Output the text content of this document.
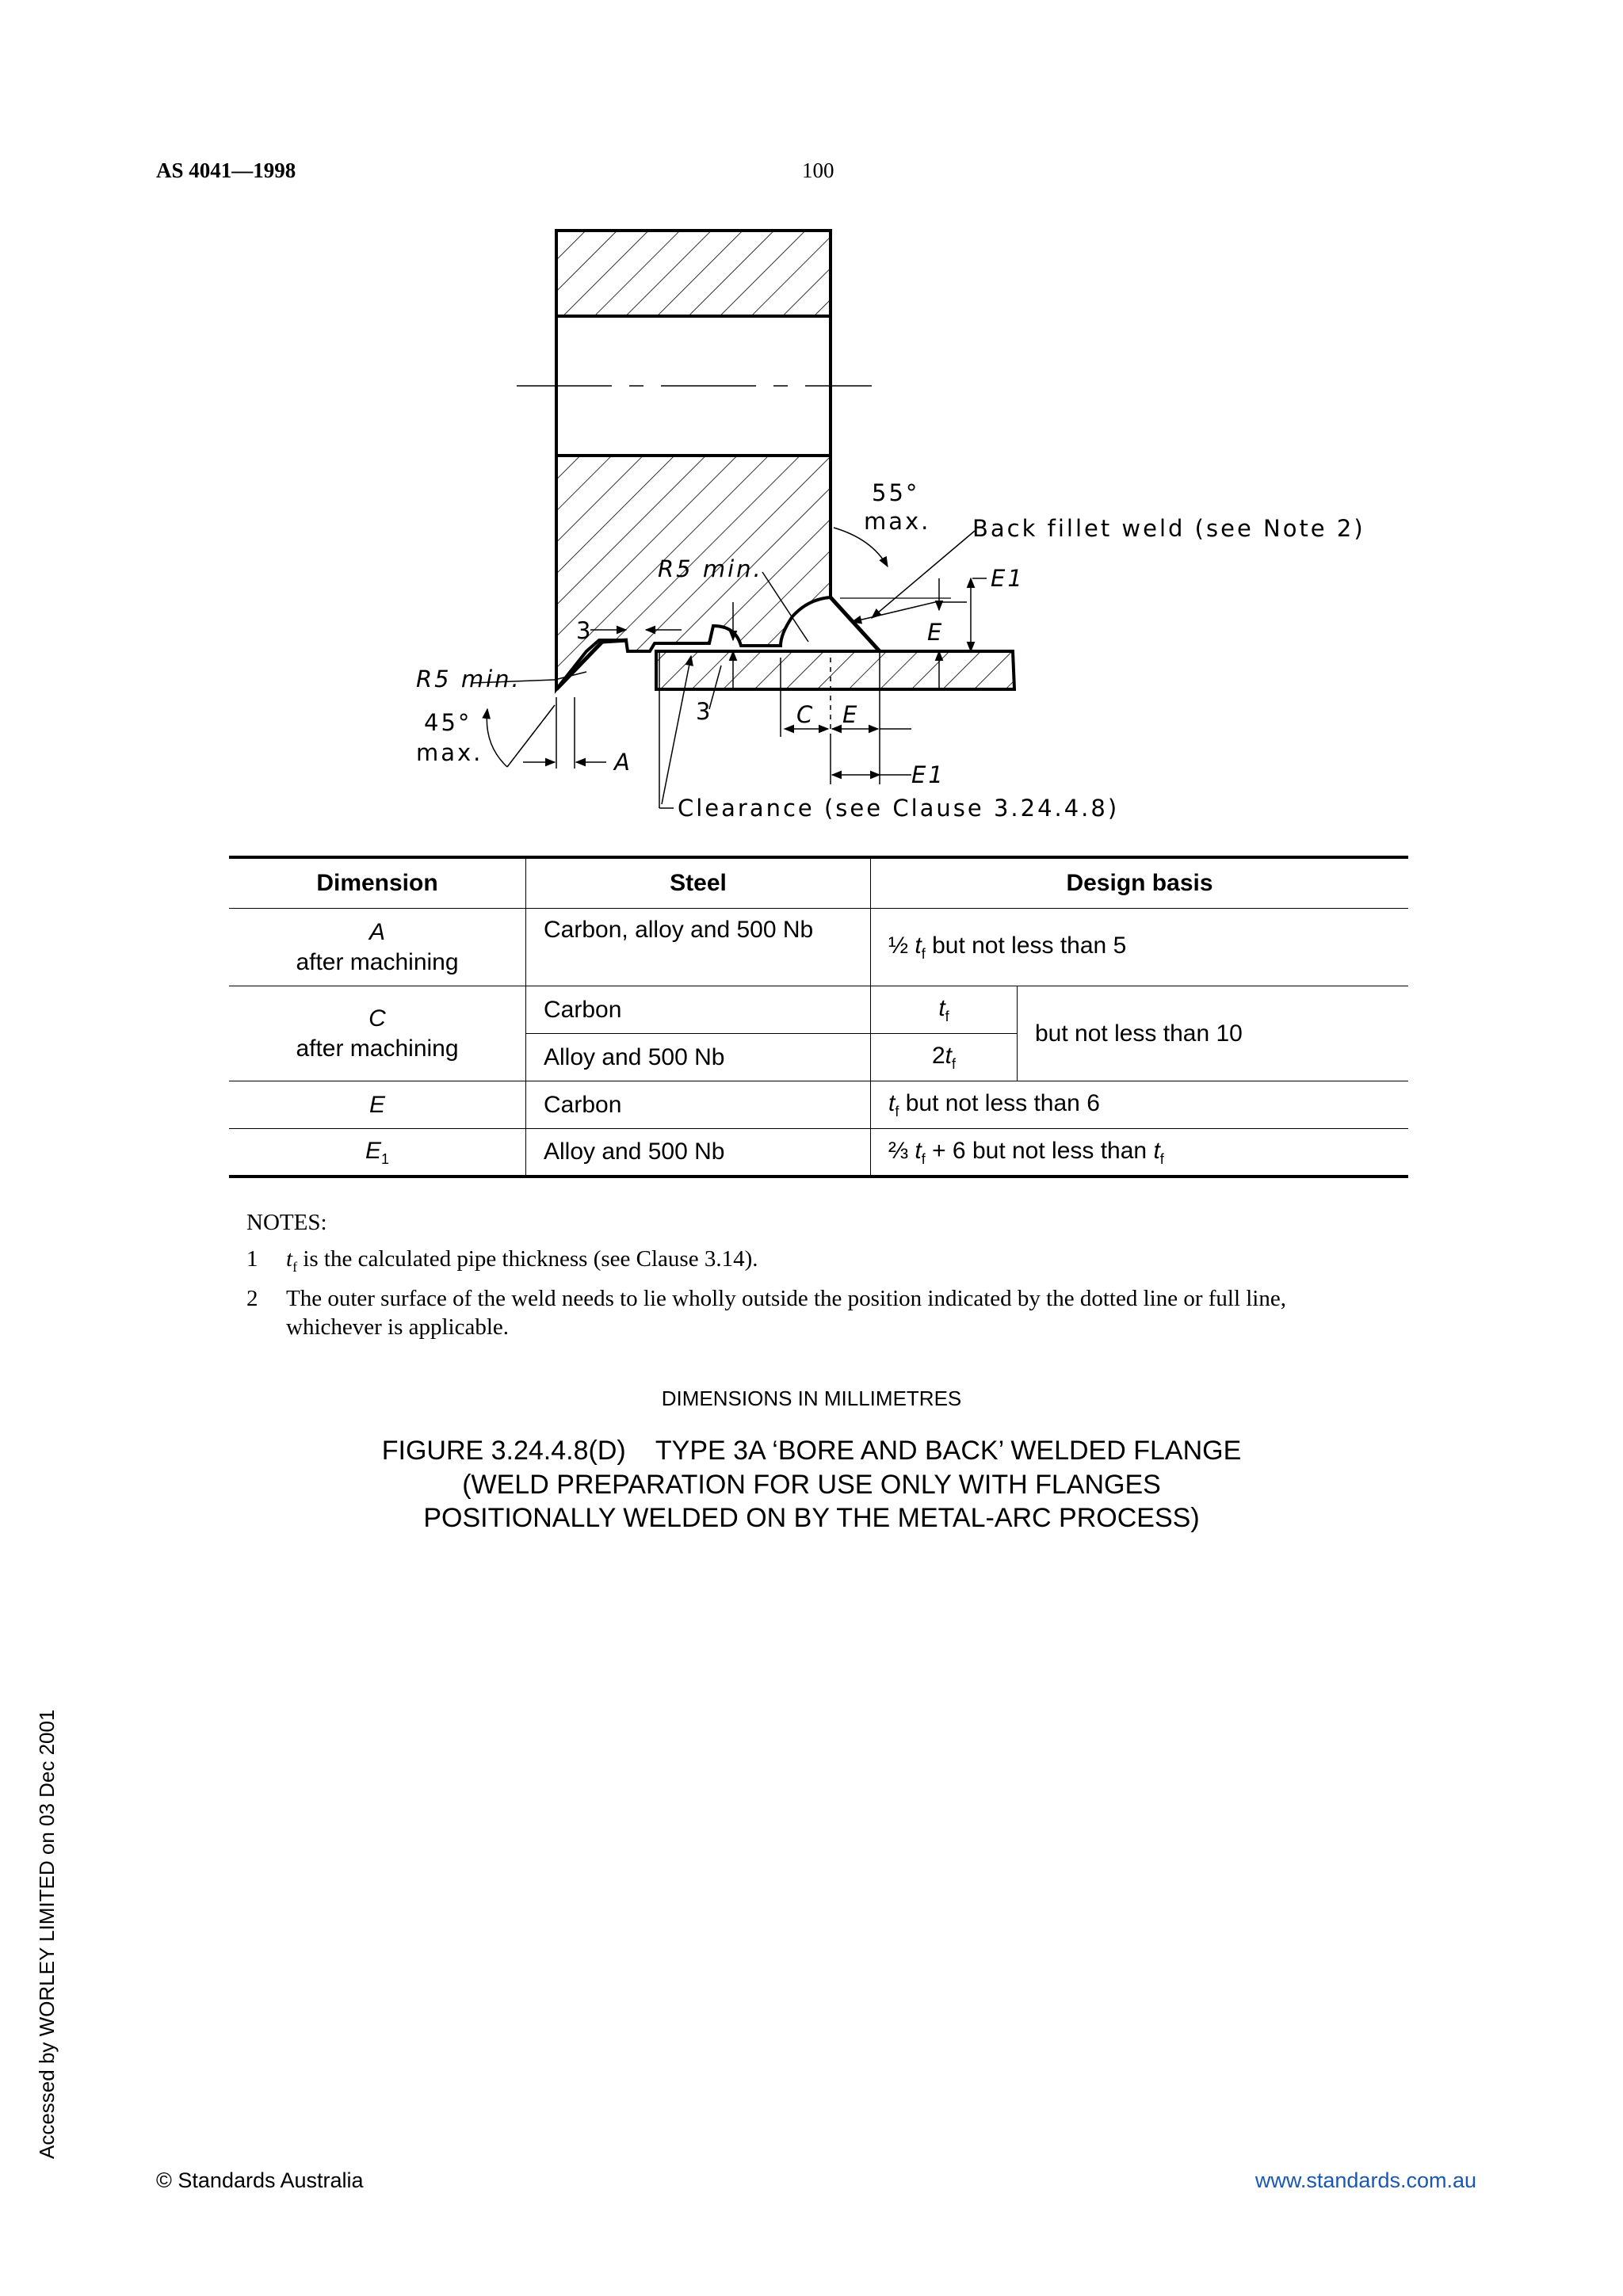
AS 4041—1998	100
55°
max. Back fillet weld (see Note 2)
R5 min.	E1
3	E
R5 min.
3	C E
45°
max.	A	E1
Clearance (see Clause 3.24.4.8)
Dimension	Steel	Design basis	
A
after machining	Carbon, alloy and 500 Nb	½ $t_f$ but not less than 5	
C
after machining	Carbon	$t_f$	but not less than 10
	Alloy and 500 Nb	$2t_f$
E	Carbon	$t_f$ but not less than 6	
$E_1$	Alloy and 500 Nb	⅔ $t_f + 6$ but not less than $t_f$
NOTES:
1	$t_f$ is the calculated pipe thickness (see Clause 3.14).
2	The outer surface of the weld needs to lie wholly outside the position indicated by the dotted line or full line, whichever is applicable.
DIMENSIONS IN MILLIMETRES
FIGURE 3.24.4.8(D)    TYPE 3A ‘BORE AND BACK’ WELDED FLANGE
(WELD PREPARATION FOR USE ONLY WITH FLANGES
POSITIONALLY WELDED ON BY THE METAL-ARC PROCESS)
Accessed by WORLEY LIMITED on 03 Dec 2001
© Standards Australia	www.standards.com.au
